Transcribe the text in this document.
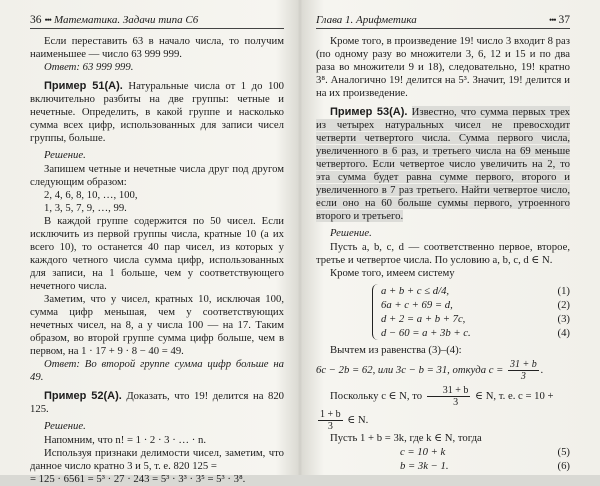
36 ••• Математика. Задачи типа С6

Если переставить 63 в начало числа, то получим наименьшее — число 63 999 999.

Ответ: 63 999 999.

Пример 51(А). Натуральные числа от 1 до 100 включительно разбиты на две группы: четные и нечетные. Определить, в какой группе и насколько сумма всех цифр, использованных для записи чисел группы, больше.

Решение.

Запишем четные и нечетные числа друг под другом следующим образом:

2, 4, 6, 8, 10, …, 100,

1, 3, 5, 7, 9, …, 99.

В каждой группе содержится по 50 чисел. Если исключить из первой группы числа, кратные 10 (а их всего 10), то останется 40 пар чисел, из которых у каждого четного числа сумма цифр, использованных для записи, на 1 больше, чем у соответствующего нечетного числа.

Заметим, что у чисел, кратных 10, исключая 100, сумма цифр меньшая, чем у соответствующих нечетных чисел, на 8, а у числа 100 — на 17. Таким образом, во второй группе сумма цифр больше, чем в первом, на 1 · 17 + 9 · 8 − 40 = 49.

Ответ: Во второй группе сумма цифр больше на 49.

Пример 52(А). Доказать, что 19! делится на 820 125.

Решение.

Напомним, что n! = 1 · 2 · 3 · … · n.

Используя признаки делимости чисел, заметим, что данное число кратно 3 и 5, т. е. 820 125 =

= 125 · 6561 = 5³ · 27 · 243 = 5³ · 3³ · 3⁵ = 5³ · 3⁸.

Глава 1. Арифметика	••• 37

Кроме того, в произведение 19! число 3 входит 8 раз (по одному разу во множители 3, 6, 12 и 15 и по два раза во множители 9 и 18), следовательно, 19! кратно 3⁸. Аналогично 19! делится на 5³. Значит, 19! делится и на их произведение.

Пример 53(А). Известно, что сумма первых трех из четырех натуральных чисел не превосходит четверти четвертого числа. Сумма первого числа, увеличенного в 6 раз, и третьего числа на 69 меньше четвертого. Если четвертое число увеличить на 2, то эта сумма будет равна сумме первого, второго и увеличенного в 7 раз третьего. Найти четвертое число, если оно на 60 больше суммы первого, утроенного второго и третьего.

Решение.

Пусть a, b, c, d — соответственно первое, второе, третье и четвертое числа. По условию a, b, c, d ∈ N.

Кроме того, имеем систему

a + b + c ≤ d/4,	(1)
6a + c + 69 = d,	(2)
d + 2 = a + b + 7c,	(3)
d − 60 = a + 3b + c.	(4)

Вычтем из равенства (3)–(4):

6c − 2b = 62, или 3c − b = 31, откуда $c = \frac{31 + b}{3}$ .
Поскольку c ∈ N, то $\frac{31 + b}{3}$ ∈ N, т. е. c = 10 +
$\frac{1 + b}{3}$ ∈ N.

Пусть 1 + b = 3k, где k ∈ N, тогда

c = 10 + k	(5)
b = 3k − 1.	(6)
